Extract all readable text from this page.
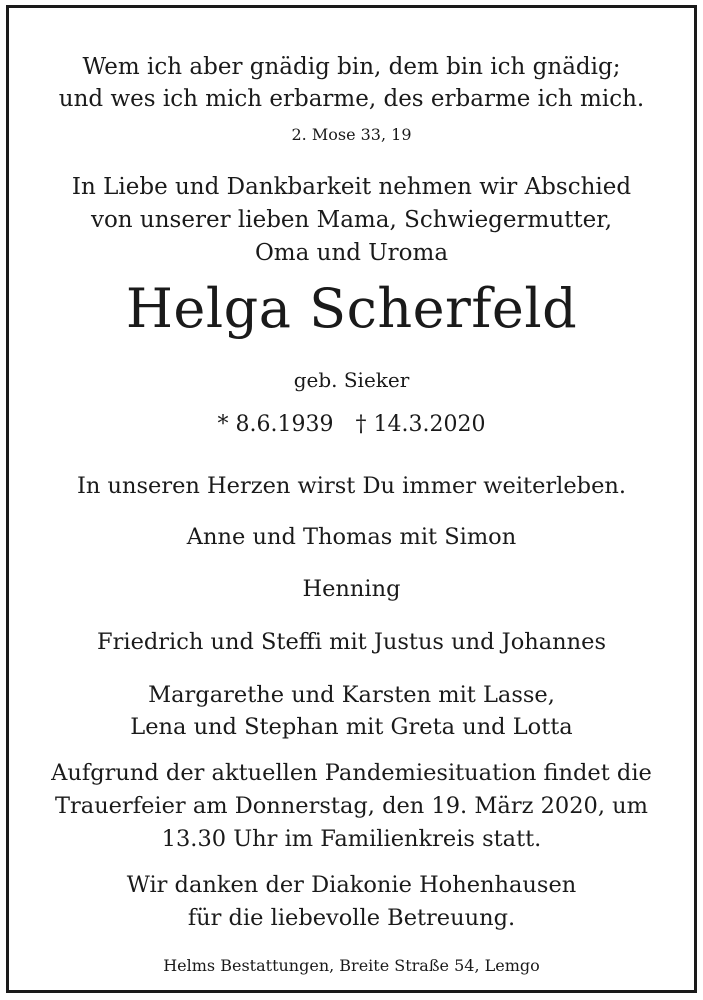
Wem ich aber gnädig bin, dem bin ich gnädig;
und wes ich mich erbarme, des erbarme ich mich.
2. Mose 33, 19
In Liebe und Dankbarkeit nehmen wir Abschied
von unserer lieben Mama, Schwiegermutter,
Oma und Uroma
Helga Scherfeld
geb. Sieker
* 8.6.1939 † 14.3.2020
In unseren Herzen wirst Du immer weiterleben.
Anne und Thomas mit Simon
Henning
Friedrich und Steffi mit Justus und Johannes
Margarethe und Karsten mit Lasse,
Lena und Stephan mit Greta und Lotta
Aufgrund der aktuellen Pandemiesituation findet die
Trauerfeier am Donnerstag, den 19. März 2020, um
13.30 Uhr im Familienkreis statt.
Wir danken der Diakonie Hohenhausen
für die liebevolle Betreuung.
Helms Bestattungen, Breite Straße 54, Lemgo
